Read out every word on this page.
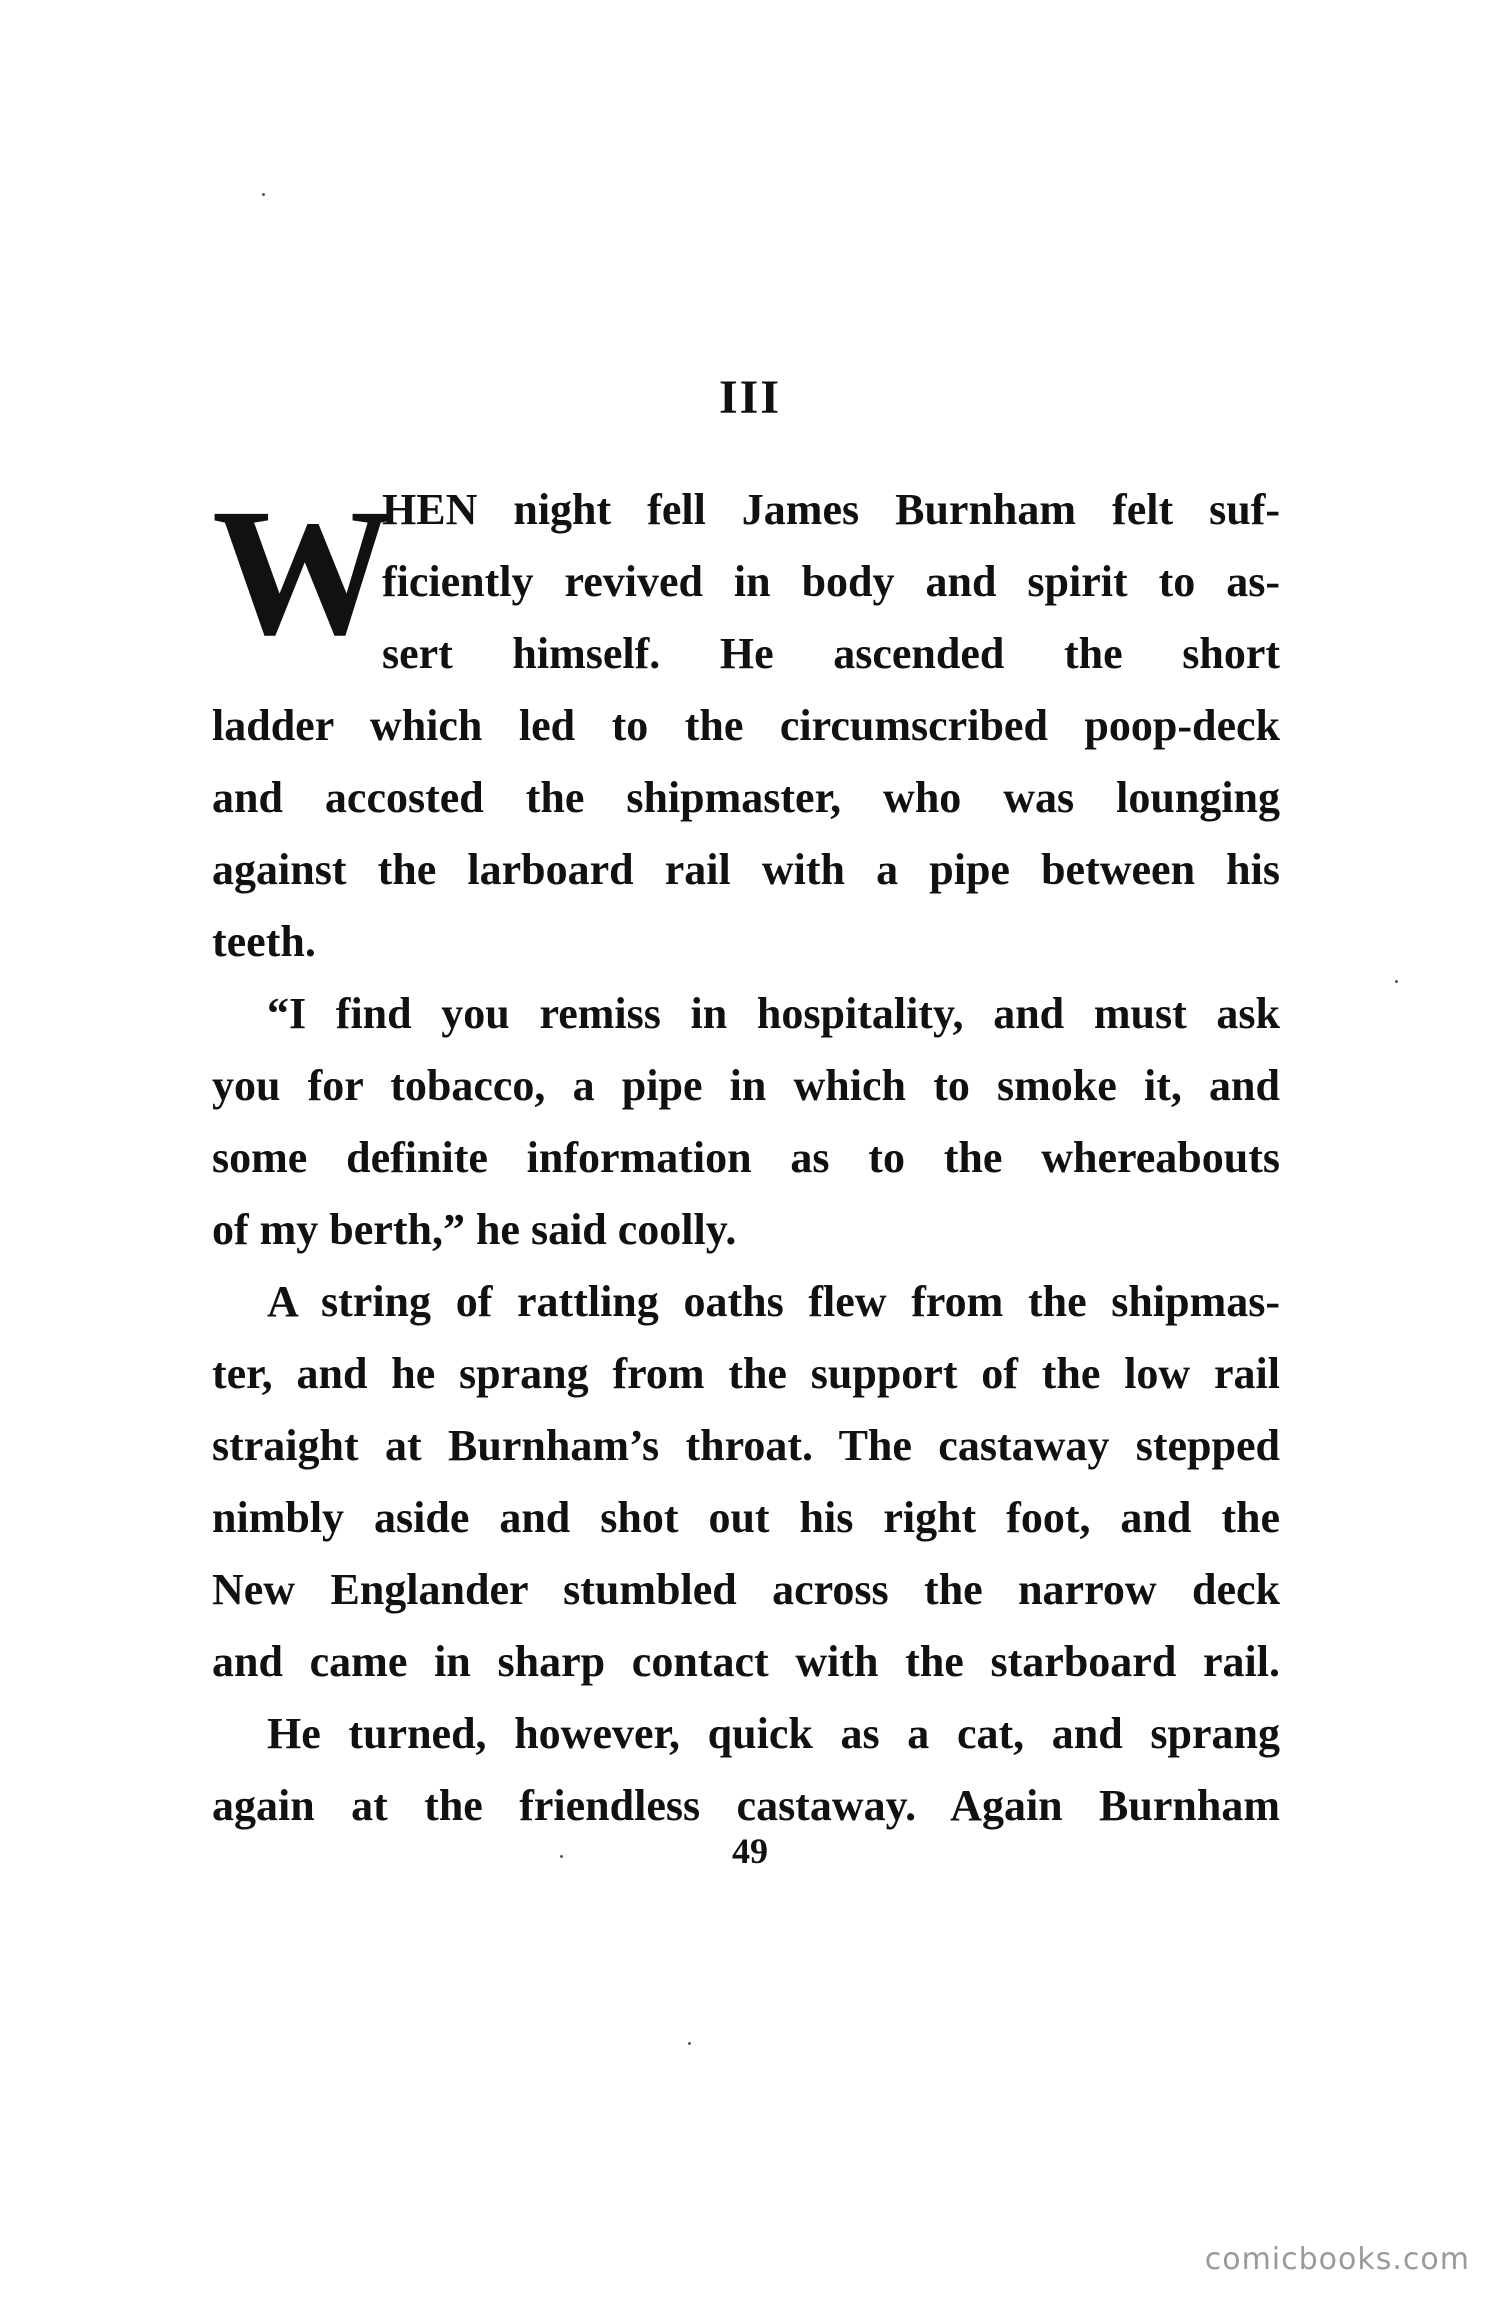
III
W
HEN night fell James Burnham felt suf-
ficiently revived in body and spirit to as-
sert himself. He ascended the short
ladder which led to the circumscribed poop-deck
and accosted the shipmaster, who was lounging
against the larboard rail with a pipe between his
teeth.
“I find you remiss in hospitality, and must ask
you for tobacco, a pipe in which to smoke it, and
some definite information as to the whereabouts
of my berth,” he said coolly.
A string of rattling oaths flew from the shipmas-
ter, and he sprang from the support of the low rail
straight at Burnham’s throat. The castaway stepped
nimbly aside and shot out his right foot, and the
New Englander stumbled across the narrow deck
and came in sharp contact with the starboard rail.
He turned, however, quick as a cat, and sprang
again at the friendless castaway. Again Burnham
49
comicbooks.com
